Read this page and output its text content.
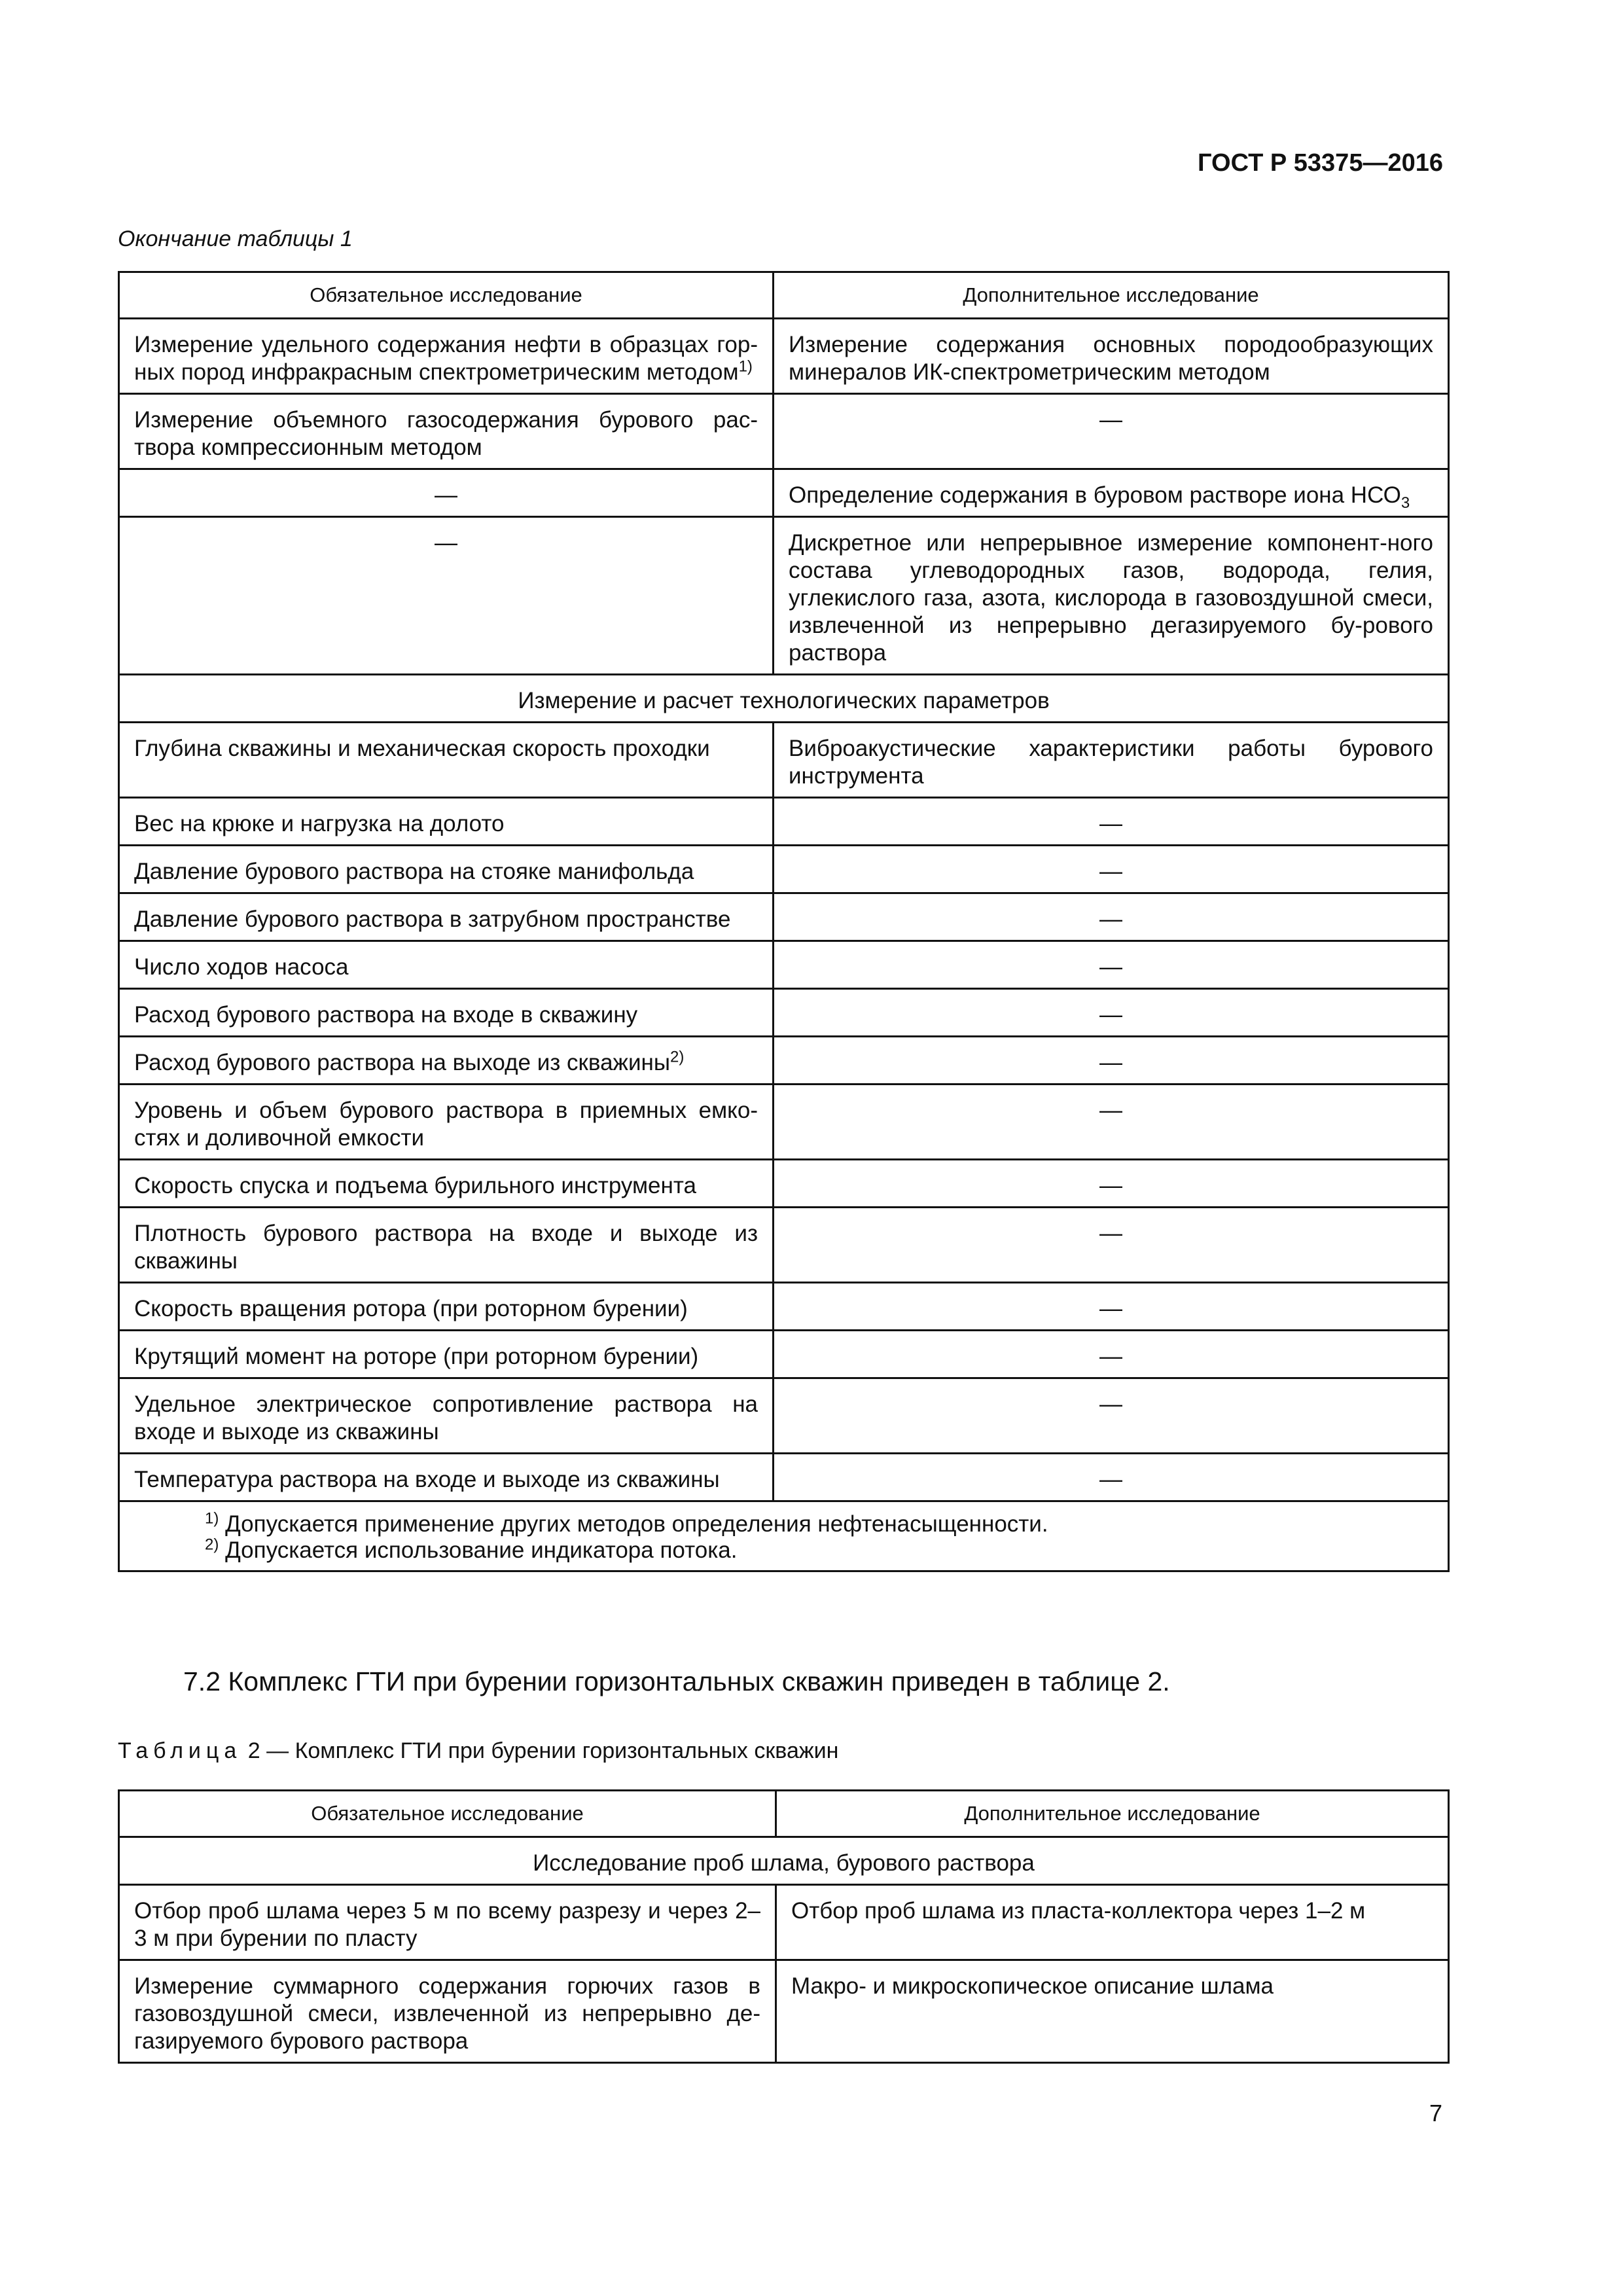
ГОСТ Р 53375—2016
Окончание таблицы 1
Обязательное исследование	Дополнительное исследование
Измерение удельного содержания нефти в образцах гор-ных пород инфракрасным спектрометрическим методом$^{1)}$	Измерение содержания основных породообразующих минералов ИК-спектрометрическим методом
Измерение объемного газосодержания бурового рас-твора компрессионным методом	—
—	Определение содержания в буровом растворе иона $НСО_3$
—	Дискретное или непрерывное измерение компонент-ного состава углеводородных газов, водорода, гелия, углекислого газа, азота, кислорода в газовоздушной смеси, извлеченной из непрерывно дегазируемого бу-рового раствора
Измерение и расчет технологических параметров	
Глубина скважины и механическая скорость проходки	Виброакустические характеристики работы бурового инструмента
Вес на крюке и нагрузка на долото	—
Давление бурового раствора на стояке манифольда	—
Давление бурового раствора в затрубном пространстве	—
Число ходов насоса	—
Расход бурового раствора на входе в скважину	—
Расход бурового раствора на выходе из скважины$^{2)}$	—
Уровень и объем бурового раствора в приемных емко-стях и доливочной емкости	—
Скорость спуска и подъема бурильного инструмента	—
Плотность бурового раствора на входе и выходе из скважины	—
Скорость вращения ротора (при роторном бурении)	—
Крутящий момент на роторе (при роторном бурении)	—
Удельное электрическое сопротивление раствора на входе и выходе из скважины	—
Температура раствора на входе и выходе из скважины	—

$^{1)}$ Допускается применение других методов определения нефтенасыщенности.
$^{2)}$ Допускается использование индикатора потока.	
7.2 Комплекс ГТИ при бурении горизонтальных скважин приведен в таблице 2.
Таблица 2 — Комплекс ГТИ при бурении горизонтальных скважин
Обязательное исследование	Дополнительное исследование
Исследование проб шлама, бурового раствора	
Отбор проб шлама через 5 м по всему разрезу и через 2–3 м при бурении по пласту	Отбор проб шлама из пласта-коллектора через 1–2 м
Измерение суммарного содержания горючих газов в газовоздушной смеси, извлеченной из непрерывно де-газируемого бурового раствора	Макро- и микроскопическое описание шлама
7
